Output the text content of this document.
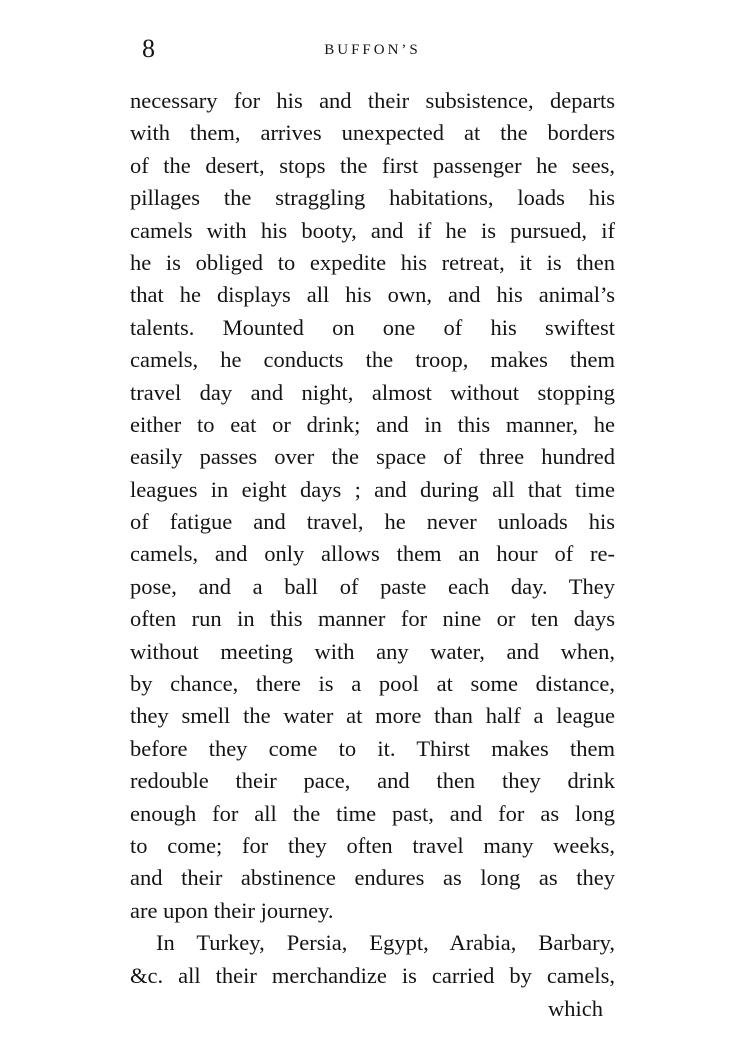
8	BUFFON’S
necessary for his and their subsistence, departs
with them, arrives unexpected at the borders
of the desert, stops the first passenger he sees,
pillages the straggling habitations, loads his
camels with his booty, and if he is pursued, if
he is obliged to expedite his retreat, it is then
that he displays all his own, and his animal’s
talents. Mounted on one of his swiftest
camels, he conducts the troop, makes them
travel day and night, almost without stopping
either to eat or drink; and in this manner, he
easily passes over the space of three hundred
leagues in eight days ; and during all that time
of fatigue and travel, he never unloads his
camels, and only allows them an hour of re-
pose, and a ball of paste each day. They
often run in this manner for nine or ten days
without meeting with any water, and when,
by chance, there is a pool at some distance,
they smell the water at more than half a league
before they come to it. Thirst makes them
redouble their pace, and then they drink
enough for all the time past, and for as long
to come; for they often travel many weeks,
and their abstinence endures as long as they
are upon their journey.
In Turkey, Persia, Egypt, Arabia, Barbary,
&c. all their merchandize is carried by camels,
which
